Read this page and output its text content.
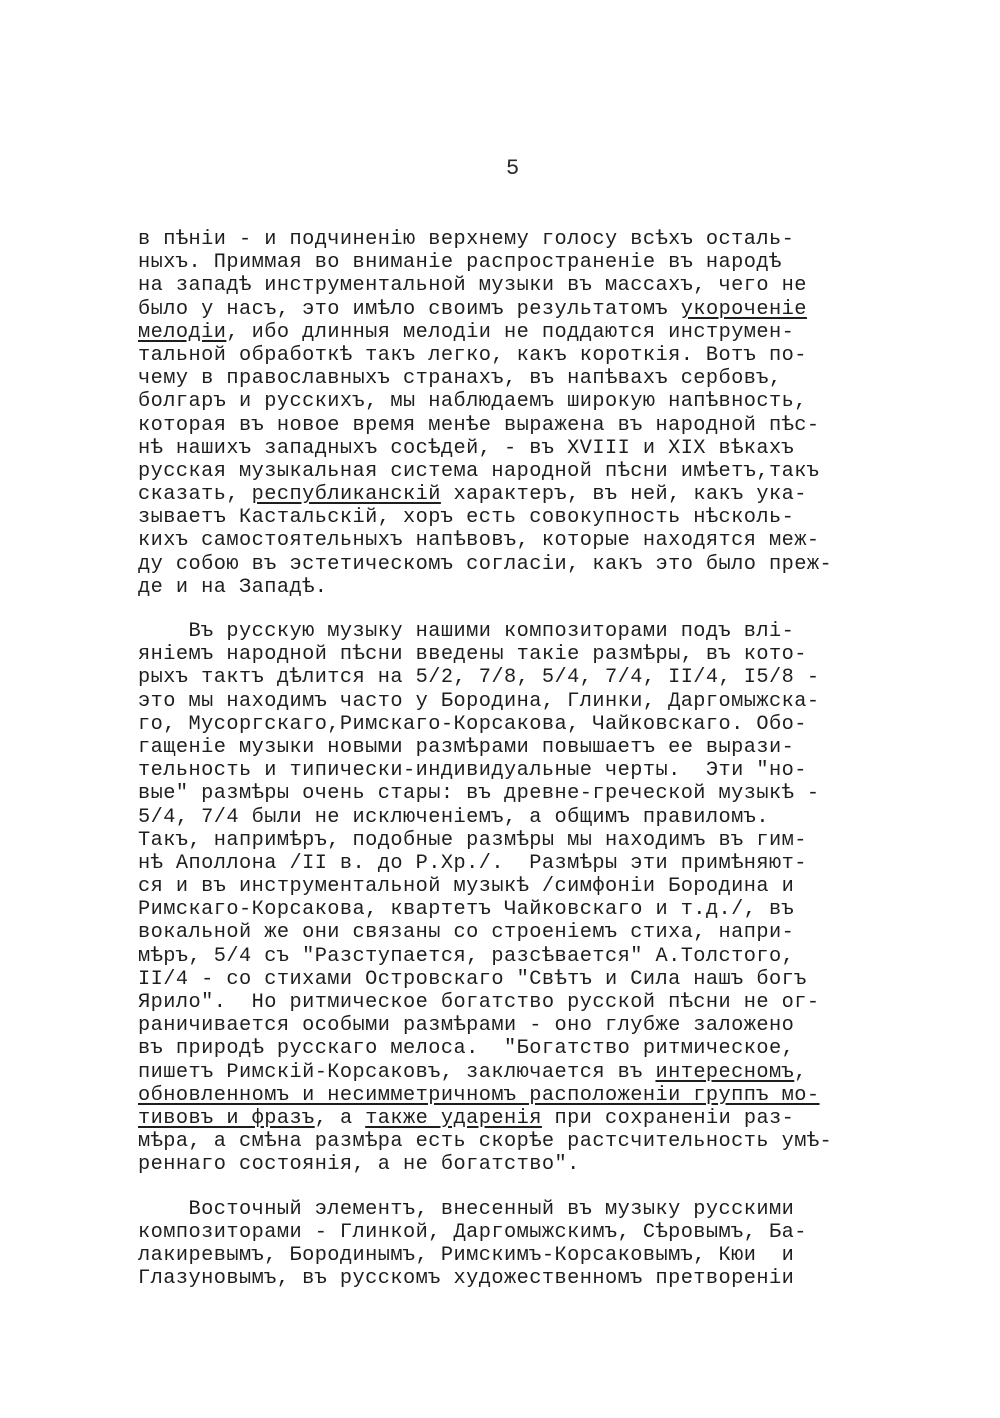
5
в пѣніи - и подчиненію верхнему голосу всѣхъ осталь-
ныхъ. Приммая во вниманіе распространеніе въ народѣ
на западѣ инструментальной музыки въ массахъ, чего не
было у насъ, это имѣло своимъ результатомъ укороченіе
мелодіи, ибо длинныя мелодіи не поддаются инструмен-
тальной обработкѣ такъ легко, какъ короткія. Вотъ по-
чему в православныхъ странахъ, въ напѣвахъ сербовъ,
болгаръ и русскихъ, мы наблюдаемъ широкую напѣвность,
которая въ новое время менѣе выражена въ народной пѣс-
нѣ нашихъ западныхъ сосѣдей, - въ XVIII и XIX вѣкахъ
русская музыкальная система народной пѣсни имѣетъ,такъ
сказать, республиканскій характеръ, въ ней, какъ ука-
зываетъ Кастальскій, хоръ есть совокупность нѣсколь-
кихъ самостоятельныхъ напѣвовъ, которые находятся меж-
ду собою въ эстетическомъ согласіи, какъ это было преж-
де и на Западѣ.
Въ русскую музыку нашими композиторами подъ влі-
яніемъ народной пѣсни введены такіе размѣры, въ кото-
рыхъ тактъ дѣлится на 5/2, 7/8, 5/4, 7/4, II/4, I5/8 -
это мы находимъ часто у Бородина, Глинки, Даргомыжска-
го, Мусоргскаго,Римскаго-Корсакова, Чайковскаго. Обо-
гащеніе музыки новыми размѣрами повышаетъ ее вырази-
тельность и типически-индивидуальные черты.  Эти "но-
вые" размѣры очень стары: въ древне-греческой музыкѣ -
5/4, 7/4 были не исключеніемъ, а общимъ правиломъ.
Такъ, напримѣръ, подобные размѣры мы находимъ въ гим-
нѣ Аполлона /II в. до Р.Хр./.  Размѣры эти примѣняют-
ся и въ инструментальной музыкѣ /симфоніи Бородина и
Римскаго-Корсакова, квартетъ Чайковскаго и т.д./, въ
вокальной же они связаны со строеніемъ стиха, напри-
мѣръ, 5/4 съ "Разступается, разсѣвается" А.Толстого,
II/4 - со стихами Островскаго "Свѣтъ и Сила нашъ богъ
Ярило".  Но ритмическое богатство русской пѣсни не ог-
раничивается особыми размѣрами - оно глубже заложено
въ природѣ русскаго мелоса.  "Богатство ритмическое,
пишетъ Римскій-Корсаковъ, заключается въ интересномъ,
обновленномъ и несимметричномъ расположеніи группъ мо-
тивовъ и фразъ, а также ударенія при сохраненіи раз-
мѣра, а смѣна размѣра есть скорѣе растсчительность умѣ-
реннаго состоянія, а не богатство".
Восточный элементъ, внесенный въ музыку русскими
композиторами - Глинкой, Даргомыжскимъ, Сѣровымъ, Ба-
лакиревымъ, Бородинымъ, Римскимъ-Корсаковымъ, Кюи  и
Глазуновымъ, въ русскомъ художественномъ претвореніи
